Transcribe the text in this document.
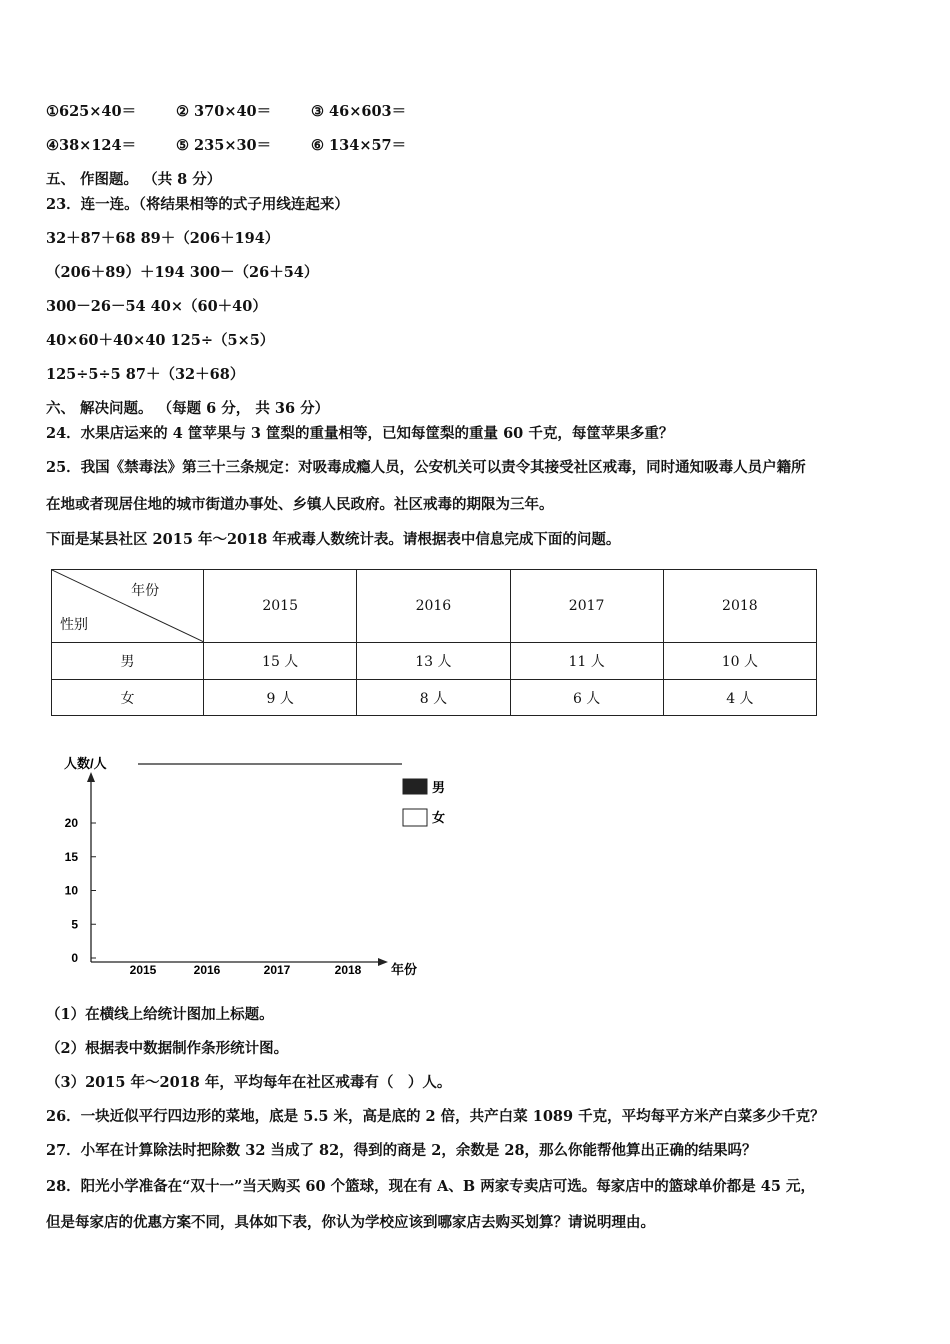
①625×40＝	② 370×40＝	③ 46×603＝
④38×124＝	⑤ 235×30＝	⑥ 134×57＝
五、 作图题。 （共 8 分）
23．连一连。（将结果相等的式子用线连起来）
32＋87＋68 89＋（206＋194）
（206＋89）＋194 300－（26＋54）
300－26－54 40×（60＋40）
40×60＋40×40 125÷（5×5）
125÷5÷5 87＋（32＋68）
六、 解决问题。 （每题 6 分， 共 36 分）
24．水果店运来的 4 筐苹果与 3 筐梨的重量相等，已知每筐梨的重量 60 千克，每筐苹果多重？
25．我国《禁毒法》第三十三条规定：对吸毒成瘾人员，公安机关可以责令其接受社区戒毒，同时通知吸毒人员户籍所
在地或者现居住地的城市街道办事处、乡镇人民政府。社区戒毒的期限为三年。
下面是某县社区 2015 年～2018 年戒毒人数统计表。请根据表中信息完成下面的问题。
年份
性别	2015	2016	2017	2018
男	15 人	13 人	11 人	10 人
女	9 人	8 人	6 人	4 人
人数/人
0
5
10
15
20
2015	2016	2017	2018 年份
男
女
（1）在横线上给统计图加上标题。
（2）根据表中数据制作条形统计图。
（3）2015 年～2018 年，平均每年在社区戒毒有（　）人。
26．一块近似平行四边形的菜地，底是 5.5 米，高是底的 2 倍，共产白菜 1089 千克，平均每平方米产白菜多少千克？
27．小军在计算除法时把除数 32 当成了 82，得到的商是 2，余数是 28，那么你能帮他算出正确的结果吗？
28．阳光小学准备在“双十一”当天购买 60 个篮球，现在有 A、B 两家专卖店可选。每家店中的篮球单价都是 45 元，
但是每家店的优惠方案不同，具体如下表，你认为学校应该到哪家店去购买划算？请说明理由。
